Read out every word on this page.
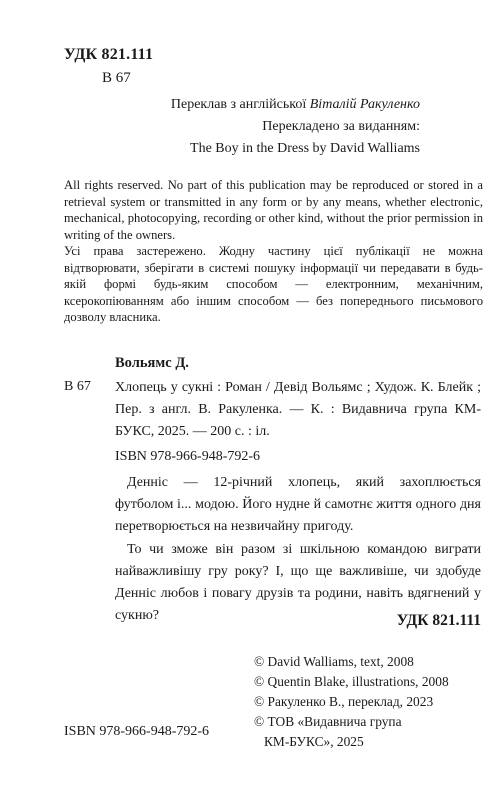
УДК 821.111
В 67
Переклав з англійської Віталій Ракуленко
Перекладено за виданням:
The Boy in the Dress by David Walliams
All rights reserved. No part of this publication may be reproduced or stored in a retrieval system or transmitted in any form or by any means, whether electronic, mechanical, photocopying, recording or other kind, without the prior permission in writing of the owners.
Усі права застережено. Жодну частину цієї публікації не можна відтворювати, зберігати в системі пошуку інформації чи передавати в будь-якій формі будь-яким способом — електронним, механічним, ксерокопіюванням або іншим способом — без попереднього письмового дозволу власника.
Вольямс Д.
В 67 Хлопець у сукні : Роман / Девід Вольямс ; Худож. К. Блейк ; Пер. з англ. В. Ракуленка. — К. : Видавнича група КМ-БУКС, 2025. — 200 с. : іл.
ISBN 978-966-948-792-6

Денніс — 12-річний хлопець, який захоплюється футболом і... модою. Його нудне й самотнє життя одного дня перетворюється на незвичайну пригоду.

То чи зможе він разом зі шкільною командою виграти найважливішу гру року? І, що ще важливіше, чи здобуде Денніс любов і повагу друзів та родини, навіть вдягнений у сукню?	УДК 821.111
© David Walliams, text, 2008
© Quentin Blake, illustrations, 2008
© Ракуленко В., переклад, 2023
© ТОВ «Видавнича група
КМ-БУКС», 2025
ISBN 978-966-948-792-6
